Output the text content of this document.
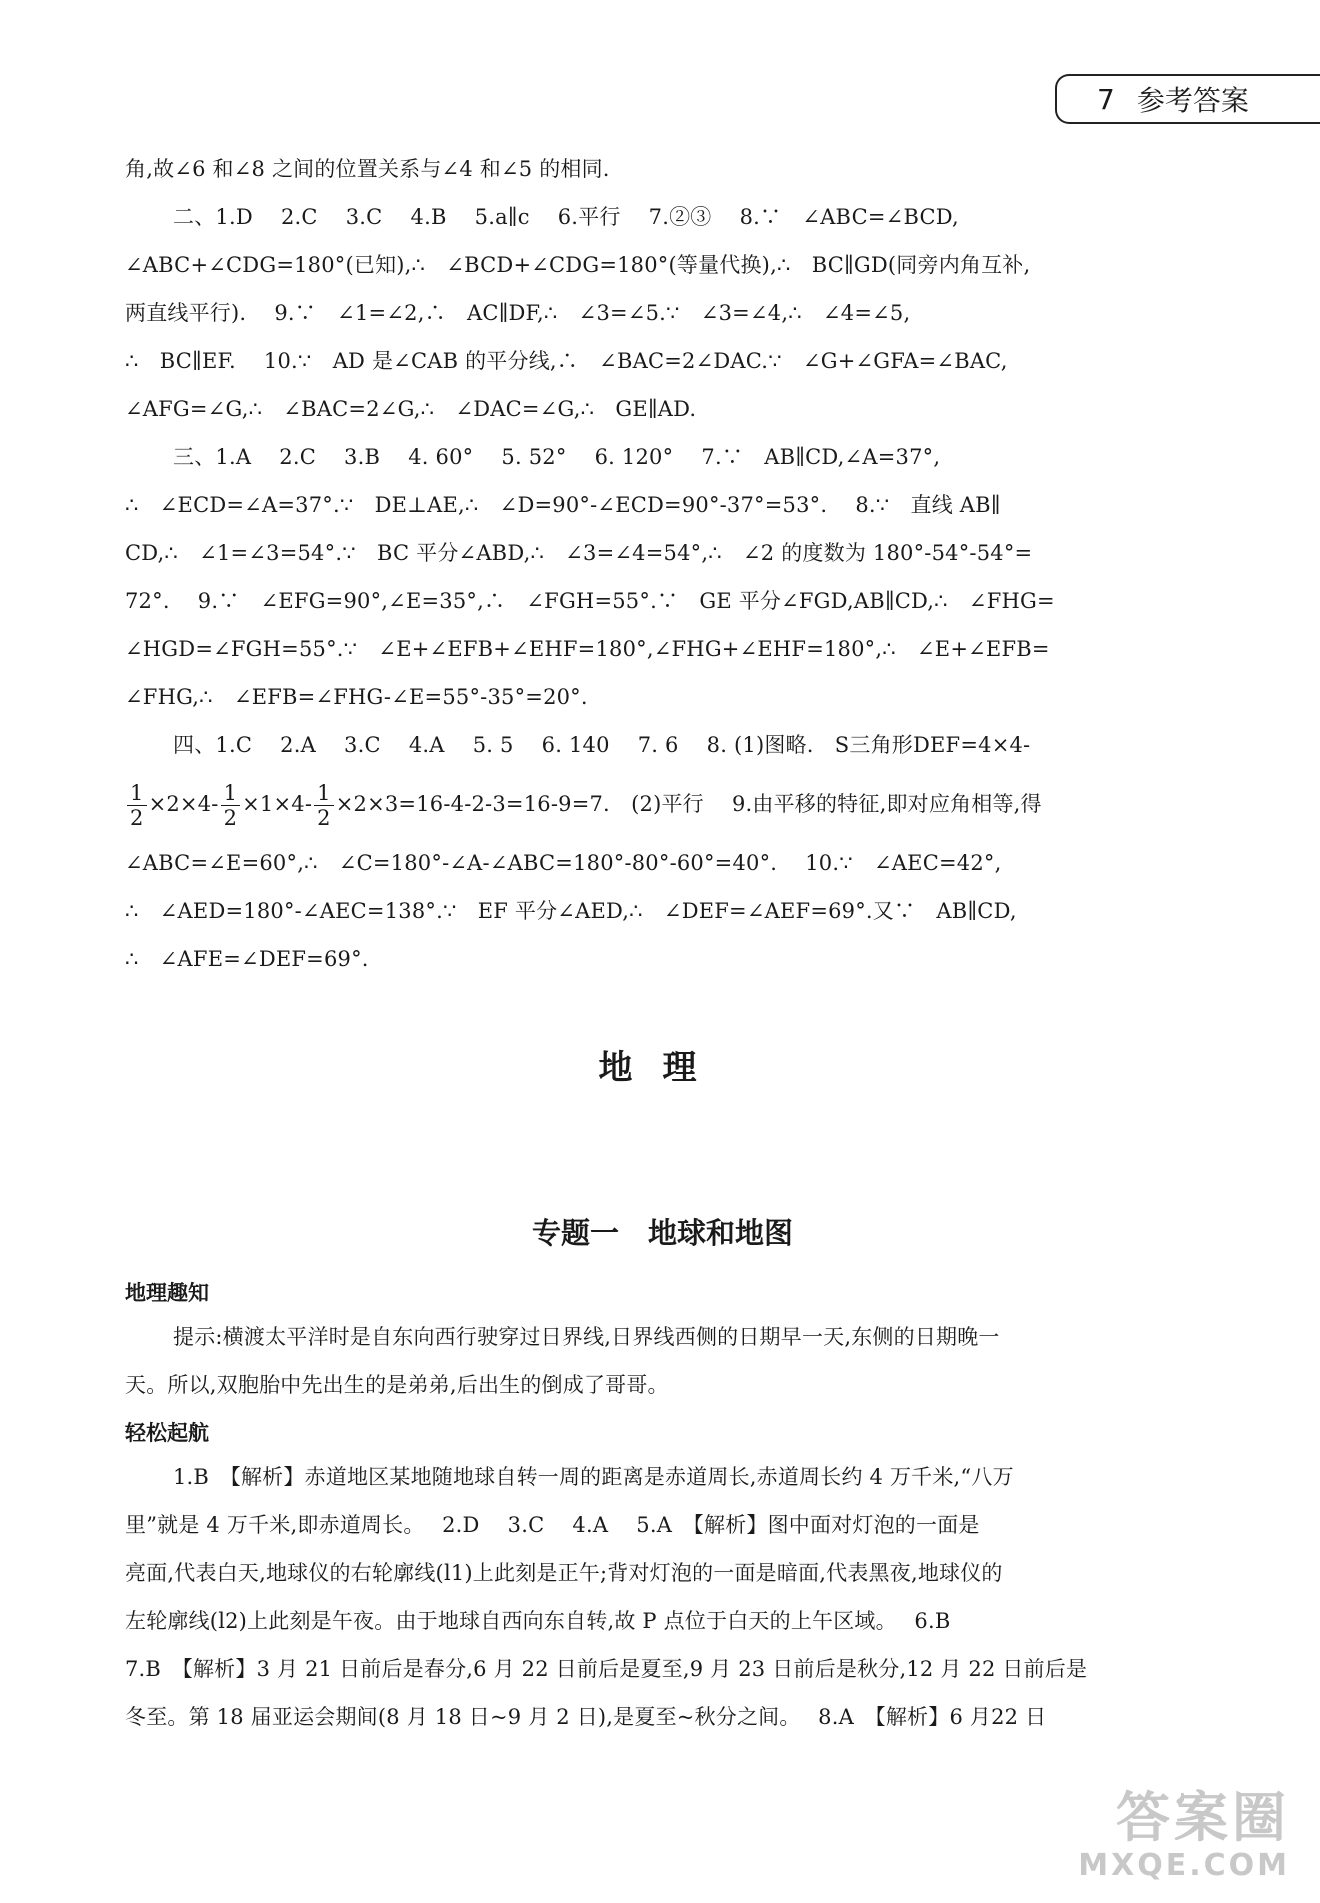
7 参考答案
角,故∠6 和∠8 之间的位置关系与∠4 和∠5 的相同.
二、1.D　 2.C　 3.C　 4.B　 5.a∥c　 6.平行　 7.②③　 8.∵　∠ABC=∠BCD,
∠ABC+∠CDG=180°(已知),∴　∠BCD+∠CDG=180°(等量代换),∴　BC∥GD(同旁内角互补,
两直线平行).　 9.∵　∠1=∠2,∴　AC∥DF,∴　∠3=∠5.∵　∠3=∠4,∴　∠4=∠5,
∴　BC∥EF.　 10.∵　AD 是∠CAB 的平分线,∴　∠BAC=2∠DAC.∵　∠G+∠GFA=∠BAC,
∠AFG=∠G,∴　∠BAC=2∠G,∴　∠DAC=∠G,∴　GE∥AD.
三、1.A　 2.C　 3.B　 4. 60°　 5. 52°　 6. 120°　 7.∵　AB∥CD,∠A=37°,
∴　∠ECD=∠A=37°.∵　DE⊥AE,∴　∠D=90°-∠ECD=90°-37°=53°.　 8.∵　直线 AB∥
CD,∴　∠1=∠3=54°.∵　BC 平分∠ABD,∴　∠3=∠4=54°,∴　∠2 的度数为 180°-54°-54°=
72°.　 9.∵　∠EFG=90°,∠E=35°,∴　∠FGH=55°.∵　GE 平分∠FGD,AB∥CD,∴　∠FHG=
∠HGD=∠FGH=55°.∵　∠E+∠EFB+∠EHF=180°,∠FHG+∠EHF=180°,∴　∠E+∠EFB=
∠FHG,∴　∠EFB=∠FHG-∠E=55°-35°=20°.
四、1.C　 2.A　 3.C　 4.A　 5. 5　 6. 140　 7. 6　 8. (1)图略.　S三角形DEF=4×4-
$\frac{1}{2} \times 2\times 4- \frac{1}{2} \times 1\times 4- \frac{1}{2} \times 2\times 3=16-4-2-3=16-9=7$.　(2)平行　 9.由平移的特征,即对应角相等,得
∠ABC=∠E=60°,∴　∠C=180°-∠A-∠ABC=180°-80°-60°=40°.　 10.∵　∠AEC=42°,
∴　∠AED=180°-∠AEC=138°.∵　EF 平分∠AED,∴　∠DEF=∠AEF=69°.又∵　AB∥CD,
∴　∠AFE=∠DEF=69°.
地理
专题一　地球和地图
地理趣知
提示:横渡太平洋时是自东向西行驶穿过日界线,日界线西侧的日期早一天,东侧的日期晚一
天。所以,双胞胎中先出生的是弟弟,后出生的倒成了哥哥。
轻松起航
1.B　【解析】赤道地区某地随地球自转一周的距离是赤道周长,赤道周长约 4 万千米,“八万
里”就是 4 万千米,即赤道周长。　 2.D　 3.C　 4.A　 5.A　【解析】图中面对灯泡的一面是
亮面,代表白天,地球仪的右轮廓线(l1)上此刻是正午;背对灯泡的一面是暗面,代表黑夜,地球仪的
左轮廓线(l2)上此刻是午夜。由于地球自西向东自转,故 P 点位于白天的上午区域。　 6.B
7.B　【解析】3 月 21 日前后是春分,6 月 22 日前后是夏至,9 月 23 日前后是秋分,12 月 22 日前后是
冬至。第 18 届亚运会期间(8 月 18 日~9 月 2 日),是夏至~秋分之间。　 8.A　【解析】6 月22 日
答案圈
MXQE.COM
